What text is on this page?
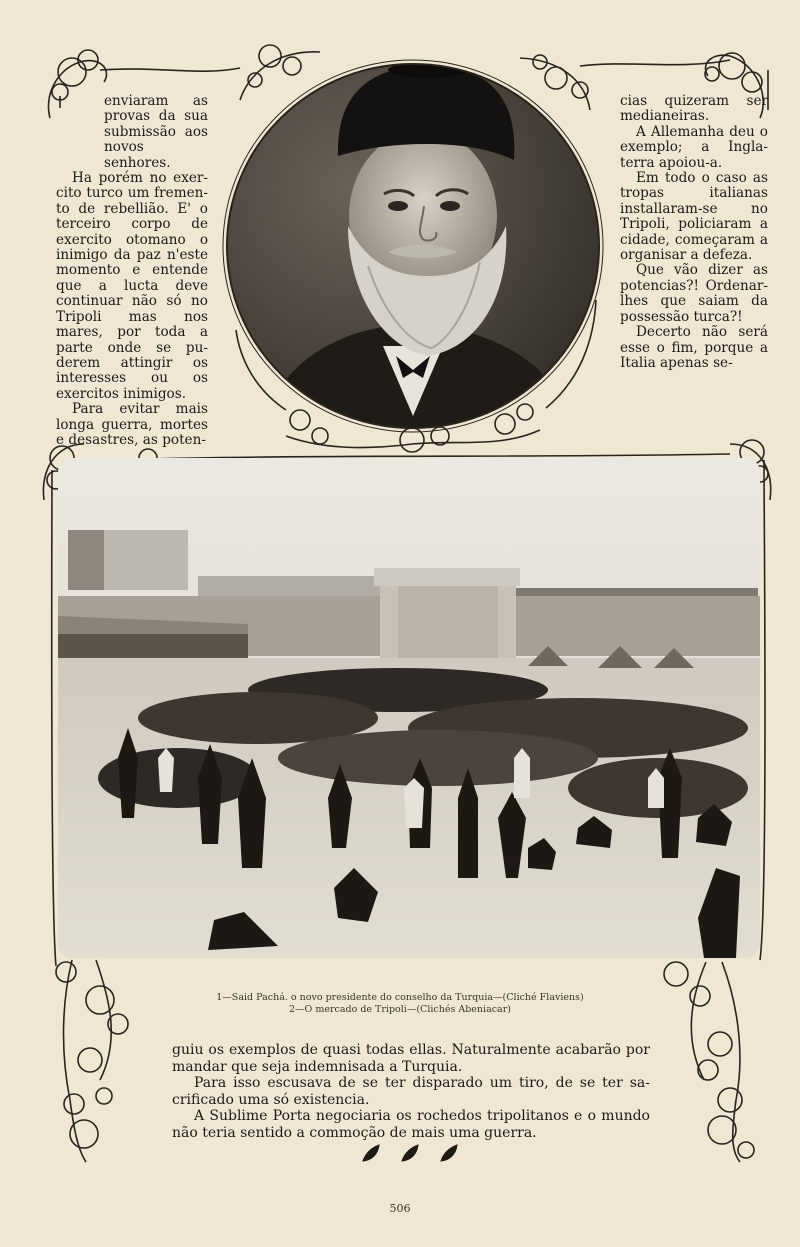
enviaram as provas da sua submissão aos novos senhores.

Ha porém no exercito turco um fremento de rebellião. E' o terceiro corpo de exercito otomano o inimigo da paz n'este momento e entende que a lucta deve continuar não só no Tripoli mas nos mares, por toda a parte onde se puderem attingir os interesses ou os exercitos inimigos.

Para evitar mais longa guerra, mortes e desastres, as poten-

cias quizeram ser medianeiras.

A Allemanha deu o exemplo; a Inglaterra apoiou-a.

Em todo o caso as tropas italianas installaram-se no Tripoli, policiaram a cidade, começaram a organisar a defeza.

Que vão dizer as potencias?! Ordenar-lhes que saiam da possessão turca?!

Decerto não será esse o fim, porque a Italia apenas se-

1—Said Pachá. o novo presidente do conselho da Turquia—(Cliché Flaviens)
2—O mercado de Tripoli—(Clichés Abeniacar)

guiu os exemplos de quasi todas ellas. Naturalmente acabarão por mandar que seja indemnisada a Turquia.

Para isso escusava de se ter disparado um tiro, de se ter sacrificado uma só existencia.

A Sublime Porta negociaria os rochedos tripolitanos e o mundo não teria sentido a commoção de mais uma guerra.

506
